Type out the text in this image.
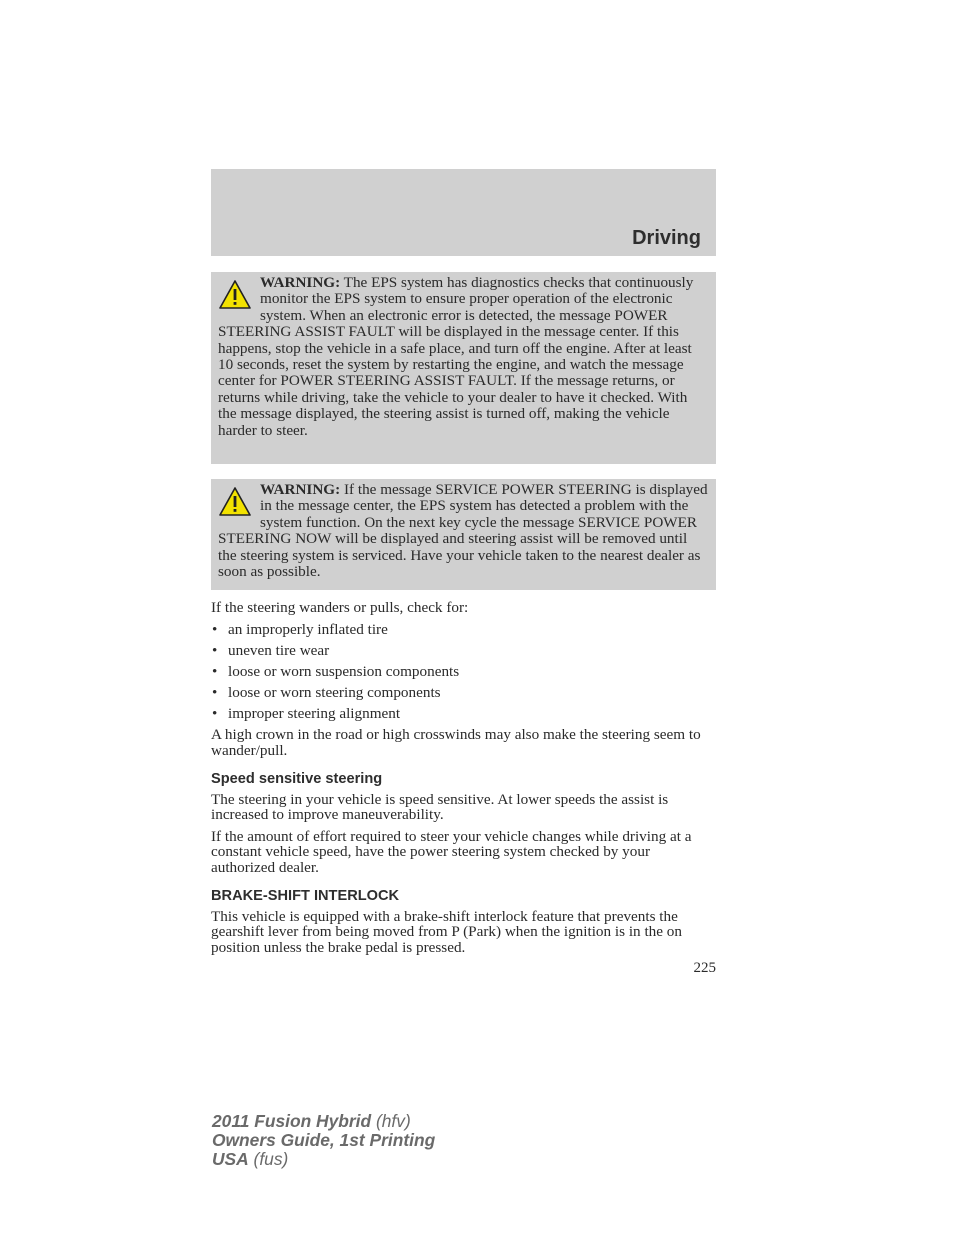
Driving
WARNING: The EPS system has diagnostics checks that continuously monitor the EPS system to ensure proper operation of the electronic system. When an electronic error is detected, the message POWER STEERING ASSIST FAULT will be displayed in the message center. If this happens, stop the vehicle in a safe place, and turn off the engine. After at least 10 seconds, reset the system by restarting the engine, and watch the message center for POWER STEERING ASSIST FAULT. If the message returns, or returns while driving, take the vehicle to your dealer to have it checked. With the message displayed, the steering assist is turned off, making the vehicle harder to steer.
WARNING: If the message SERVICE POWER STEERING is displayed in the message center, the EPS system has detected a problem with the system function. On the next key cycle the message SERVICE POWER STEERING NOW will be displayed and steering assist will be removed until the steering system is serviced. Have your vehicle taken to the nearest dealer as soon as possible.

If the steering wanders or pulls, check for:

• an improperly inflated tire
• uneven tire wear
• loose or worn suspension components
• loose or worn steering components
• improper steering alignment

A high crown in the road or high crosswinds may also make the steering seem to wander/pull.

Speed sensitive steering

The steering in your vehicle is speed sensitive. At lower speeds the assist is increased to improve maneuverability.

If the amount of effort required to steer your vehicle changes while driving at a constant vehicle speed, have the power steering system checked by your authorized dealer.

BRAKE-SHIFT INTERLOCK

This vehicle is equipped with a brake-shift interlock feature that prevents the gearshift lever from being moved from P (Park) when the ignition is in the on position unless the brake pedal is pressed.

225
2011 Fusion Hybrid (hfv)
Owners Guide, 1st Printing
USA (fus)
